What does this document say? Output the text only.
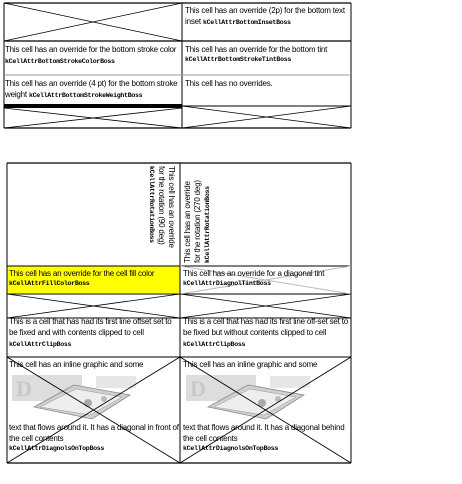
This cell has an override (2p) for the bottom text inset kCellAttrBottomInsetBoss
This cell has an override for the bottom stroke color kCellAttrBottomStrokeColorBoss
This cell has an override for the bottom tint
kCellAttrBottomStrokeTintBoss
This cell has an override (4 pt) for the bottom stroke weight kCellAttrBottomStrokeWeightBoss
This cell has no overrides.
This cell has an override
for the rotation (90 deg)
kCellAttrRotationBoss	This cell has an override for the rotation (270 deg) kCellAttrRotationBoss
This cell has an override for the cell fill color
kCellAttrFillColorBoss
This cell has an override for a diagonal tint
kCellAttrDiagnolTintBoss
This is a cell that has had its first line offset set to be fixed and with contents clipped to cell kCellAttrClipBoss
This is a cell that has had its first line off-set set to be fixed but without contents clipped to cell kCellAttrClipBoss
This cell has an inline graphic and some
D
text that flows around it. It has a diagonal in front of the cell contents
kCellAttrDiagnolsOnTopBoss
This cell has an inline graphic and some
D
text that flows around it. It has a diagonal behind the cell contents
kCellAttrDiagnolsOnTopBoss
